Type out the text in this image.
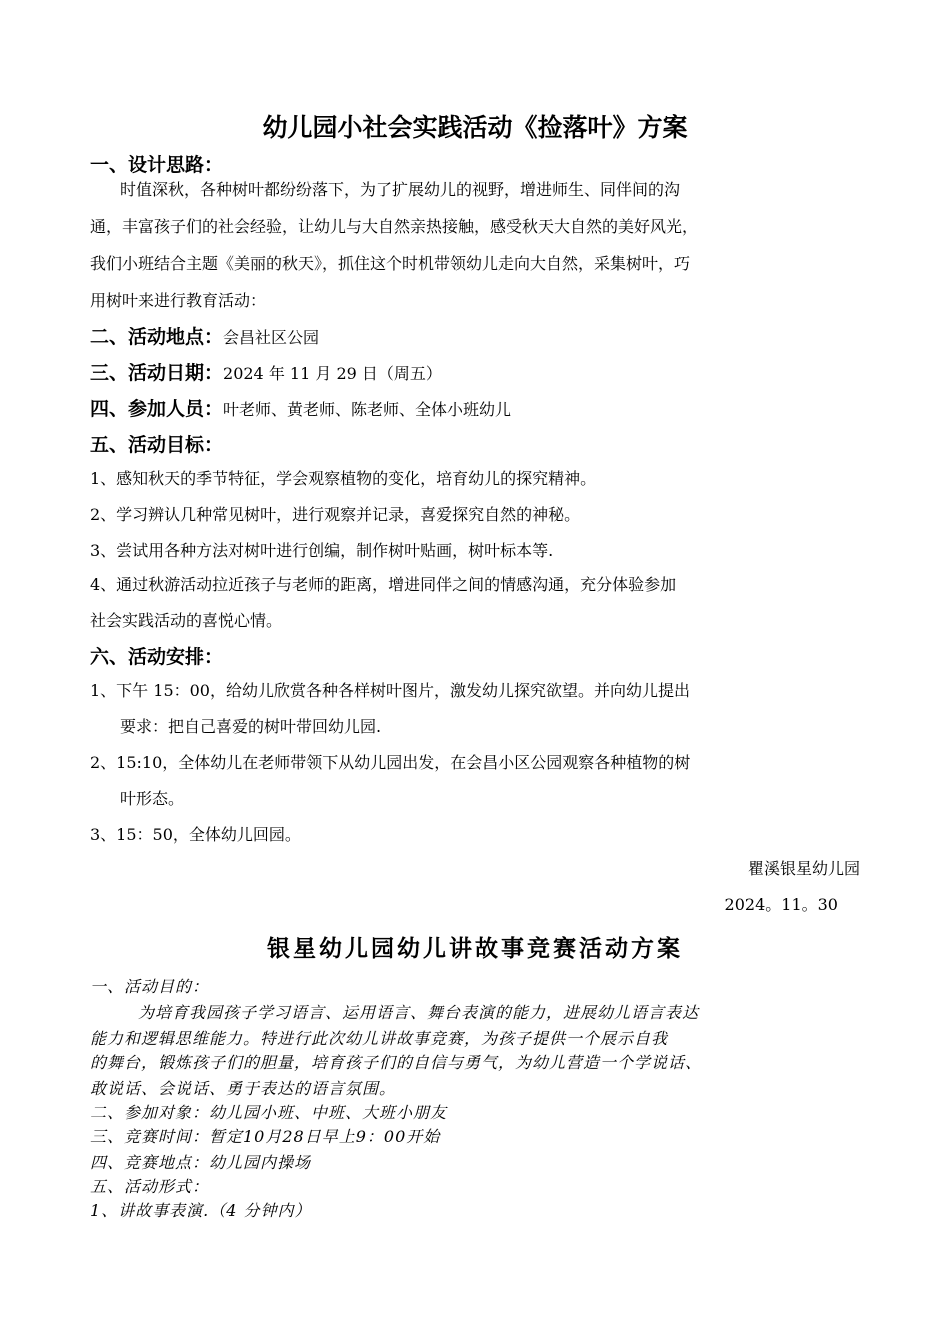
幼儿园小社会实践活动《捡落叶》方案
一、设计思路：
时值深秋，各种树叶都纷纷落下，为了扩展幼儿的视野，增进师生、同伴间的沟
通，丰富孩子们的社会经验，让幼儿与大自然亲热接触，感受秋天大自然的美好风光，
我们小班结合主题《美丽的秋天》，抓住这个时机带领幼儿走向大自然，采集树叶，巧
用树叶来进行教育活动：
二、活动地点：会昌社区公园
三、活动日期：2024 年 11 月 29 日（周五）
四、参加人员：叶老师、黄老师、陈老师、全体小班幼儿
五、活动目标：
1、感知秋天的季节特征，学会观察植物的变化，培育幼儿的探究精神。
2、学习辨认几种常见树叶，进行观察并记录，喜爱探究自然的神秘。
3、尝试用各种方法对树叶进行创编，制作树叶贴画，树叶标本等.
4、通过秋游活动拉近孩子与老师的距离，增进同伴之间的情感沟通，充分体验参加
社会实践活动的喜悦心情。
六、活动安排：
1、下午 15：00，给幼儿欣赏各种各样树叶图片，激发幼儿探究欲望。并向幼儿提出
要求：把自己喜爱的树叶带回幼儿园.
2、15:10，全体幼儿在老师带领下从幼儿园出发，在会昌小区公园观察各种植物的树
叶形态。
3、15：50，全体幼儿回园。
瞿溪银星幼儿园
2024。11。30
银星幼儿园幼儿讲故事竞赛活动方案
一、活动目的：
为培育我园孩子学习语言、运用语言、舞台表演的能力，进展幼儿语言表达
能力和逻辑思维能力。特进行此次幼儿讲故事竞赛，为孩子提供一个展示自我
的舞台，锻炼孩子们的胆量，培育孩子们的自信与勇气，为幼儿营造一个学说话、
敢说话、会说话、勇于表达的语言氛围。
二、参加对象：幼儿园小班、中班、大班小朋友
三、竞赛时间：暂定10月28日早上9：00开始
四、竞赛地点：幼儿园内操场
五、活动形式：
1、讲故事表演.（4 分钟内）
